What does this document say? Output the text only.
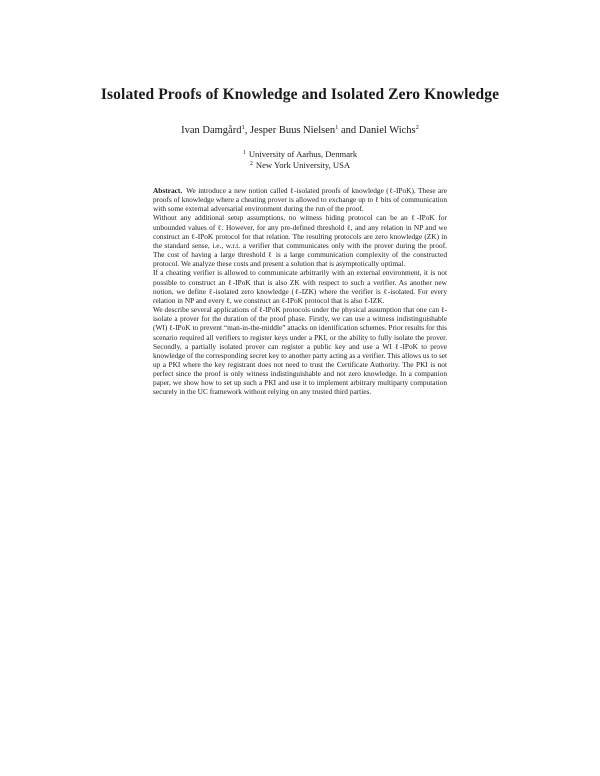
Isolated Proofs of Knowledge and Isolated Zero Knowledge
Ivan Damgård$^1$, Jesper Buus Nielsen$^1$ and Daniel Wichs$^2$
$^1$ University of Aarhus, Denmark
$^2$ New York University, USA

Abstract. We introduce a new notion called ℓ-isolated proofs of knowledge (ℓ-IPoK). These are proofs of knowledge where a cheating prover is allowed to exchange up to ℓ bits of communication with some external adversarial environment during the run of the proof.

Without any additional setup assumptions, no witness hiding protocol can be an ℓ-IPoK for unbounded values of ℓ. However, for any pre-defined threshold ℓ, and any relation in NP and we construct an ℓ-IPoK protocol for that relation. The resulting protocols are zero knowledge (ZK) in the standard sense, i.e., w.r.t. a verifier that communicates only with the prover during the proof. The cost of having a large threshold ℓ is a large communication complexity of the constructed protocol. We analyze these costs and present a solution that is asymptotically optimal.

If a cheating verifier is allowed to communicate arbitrarily with an external environment, it is not possible to construct an ℓ-IPoK that is also ZK with respect to such a verifier. As another new notion, we define ℓ-isolated zero knowledge (ℓ-IZK) where the verifier is ℓ-isolated. For every relation in NP and every ℓ, we construct an ℓ-IPoK protocol that is also ℓ-IZK.

We describe several applications of ℓ-IPoK protocols under the physical assumption that one can ℓ-isolate a prover for the duration of the proof phase. Firstly, we can use a witness indistinguishable (WI) ℓ-IPoK to prevent “man-in-the-middle” attacks on identification schemes. Prior results for this scenario required all verifiers to register keys under a PKI, or the ability to fully isolate the prover. Secondly, a partially isolated prover can register a public key and use a WI ℓ-IPoK to prove knowledge of the corresponding secret key to another party acting as a verifier. This allows us to set up a PKI where the key registrant does not need to trust the Certificate Authority. The PKI is not perfect since the proof is only witness indistinguishable and not zero knowledge. In a companion paper, we show how to set up such a PKI and use it to implement arbitrary multiparty computation securely in the UC framework without relying on any trusted third parties.
